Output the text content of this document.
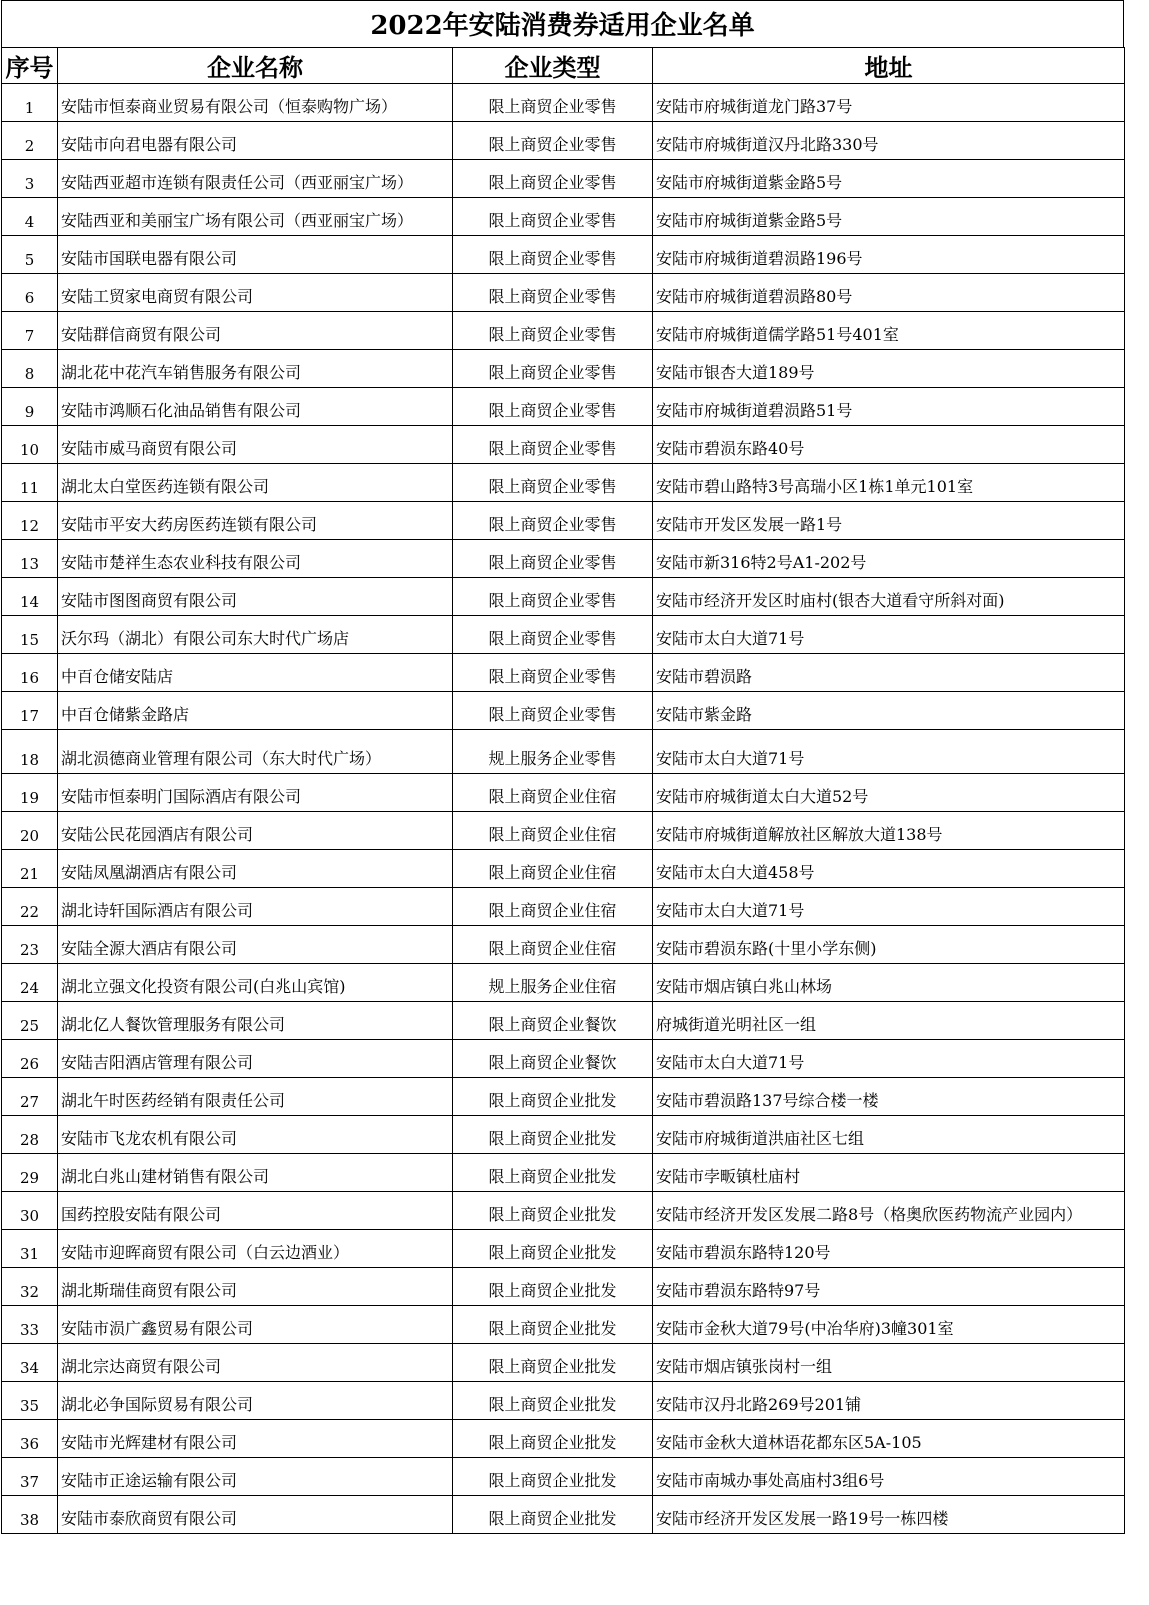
2022年安陆消费券适用企业名单
序号	企业名称	企业类型	地址
1	安陆市恒泰商业贸易有限公司（恒泰购物广场）	限上商贸企业零售	安陆市府城街道龙门路37号
2	安陆市向君电器有限公司	限上商贸企业零售	安陆市府城街道汉丹北路330号
3	安陆西亚超市连锁有限责任公司（西亚丽宝广场）	限上商贸企业零售	安陆市府城街道紫金路5号
4	安陆西亚和美丽宝广场有限公司（西亚丽宝广场）	限上商贸企业零售	安陆市府城街道紫金路5号
5	安陆市国联电器有限公司	限上商贸企业零售	安陆市府城街道碧涢路196号
6	安陆工贸家电商贸有限公司	限上商贸企业零售	安陆市府城街道碧涢路80号
7	安陆群信商贸有限公司	限上商贸企业零售	安陆市府城街道儒学路51号401室
8	湖北花中花汽车销售服务有限公司	限上商贸企业零售	安陆市银杏大道189号
9	安陆市鸿顺石化油品销售有限公司	限上商贸企业零售	安陆市府城街道碧涢路51号
10	安陆市威马商贸有限公司	限上商贸企业零售	安陆市碧涢东路40号
11	湖北太白堂医药连锁有限公司	限上商贸企业零售	安陆市碧山路特3号高瑞小区1栋1单元101室
12	安陆市平安大药房医药连锁有限公司	限上商贸企业零售	安陆市开发区发展一路1号
13	安陆市楚祥生态农业科技有限公司	限上商贸企业零售	安陆市新316特2号A1-202号
14	安陆市图图商贸有限公司	限上商贸企业零售	安陆市经济开发区时庙村(银杏大道看守所斜对面)
15	沃尔玛（湖北）有限公司东大时代广场店	限上商贸企业零售	安陆市太白大道71号
16	中百仓储安陆店	限上商贸企业零售	安陆市碧涢路
17	中百仓储紫金路店	限上商贸企业零售	安陆市紫金路
18	湖北涢德商业管理有限公司（东大时代广场）	规上服务企业零售	安陆市太白大道71号
19	安陆市恒泰明门国际酒店有限公司	限上商贸企业住宿	安陆市府城街道太白大道52号
20	安陆公民花园酒店有限公司	限上商贸企业住宿	安陆市府城街道解放社区解放大道138号
21	安陆凤凰湖酒店有限公司	限上商贸企业住宿	安陆市太白大道458号
22	湖北诗轩国际酒店有限公司	限上商贸企业住宿	安陆市太白大道71号
23	安陆全源大酒店有限公司	限上商贸企业住宿	安陆市碧涢东路(十里小学东侧)
24	湖北立强文化投资有限公司(白兆山宾馆)	规上服务企业住宿	安陆市烟店镇白兆山林场
25	湖北亿人餐饮管理服务有限公司	限上商贸企业餐饮	府城街道光明社区一组
26	安陆吉阳酒店管理有限公司	限上商贸企业餐饮	安陆市太白大道71号
27	湖北午时医药经销有限责任公司	限上商贸企业批发	安陆市碧涢路137号综合楼一楼
28	安陆市飞龙农机有限公司	限上商贸企业批发	安陆市府城街道洪庙社区七组
29	湖北白兆山建材销售有限公司	限上商贸企业批发	安陆市孛畈镇杜庙村
30	国药控股安陆有限公司	限上商贸企业批发	安陆市经济开发区发展二路8号（格奥欣医药物流产业园内）
31	安陆市迎晖商贸有限公司（白云边酒业）	限上商贸企业批发	安陆市碧涢东路特120号
32	湖北斯瑞佳商贸有限公司	限上商贸企业批发	安陆市碧涢东路特97号
33	安陆市涢广鑫贸易有限公司	限上商贸企业批发	安陆市金秋大道79号(中冶华府)3幢301室
34	湖北宗达商贸有限公司	限上商贸企业批发	安陆市烟店镇张岗村一组
35	湖北必争国际贸易有限公司	限上商贸企业批发	安陆市汉丹北路269号201铺
36	安陆市光辉建材有限公司	限上商贸企业批发	安陆市金秋大道林语花都东区5A-105
37	安陆市正途运输有限公司	限上商贸企业批发	安陆市南城办事处高庙村3组6号
38	安陆市泰欣商贸有限公司	限上商贸企业批发	安陆市经济开发区发展一路19号一栋四楼
